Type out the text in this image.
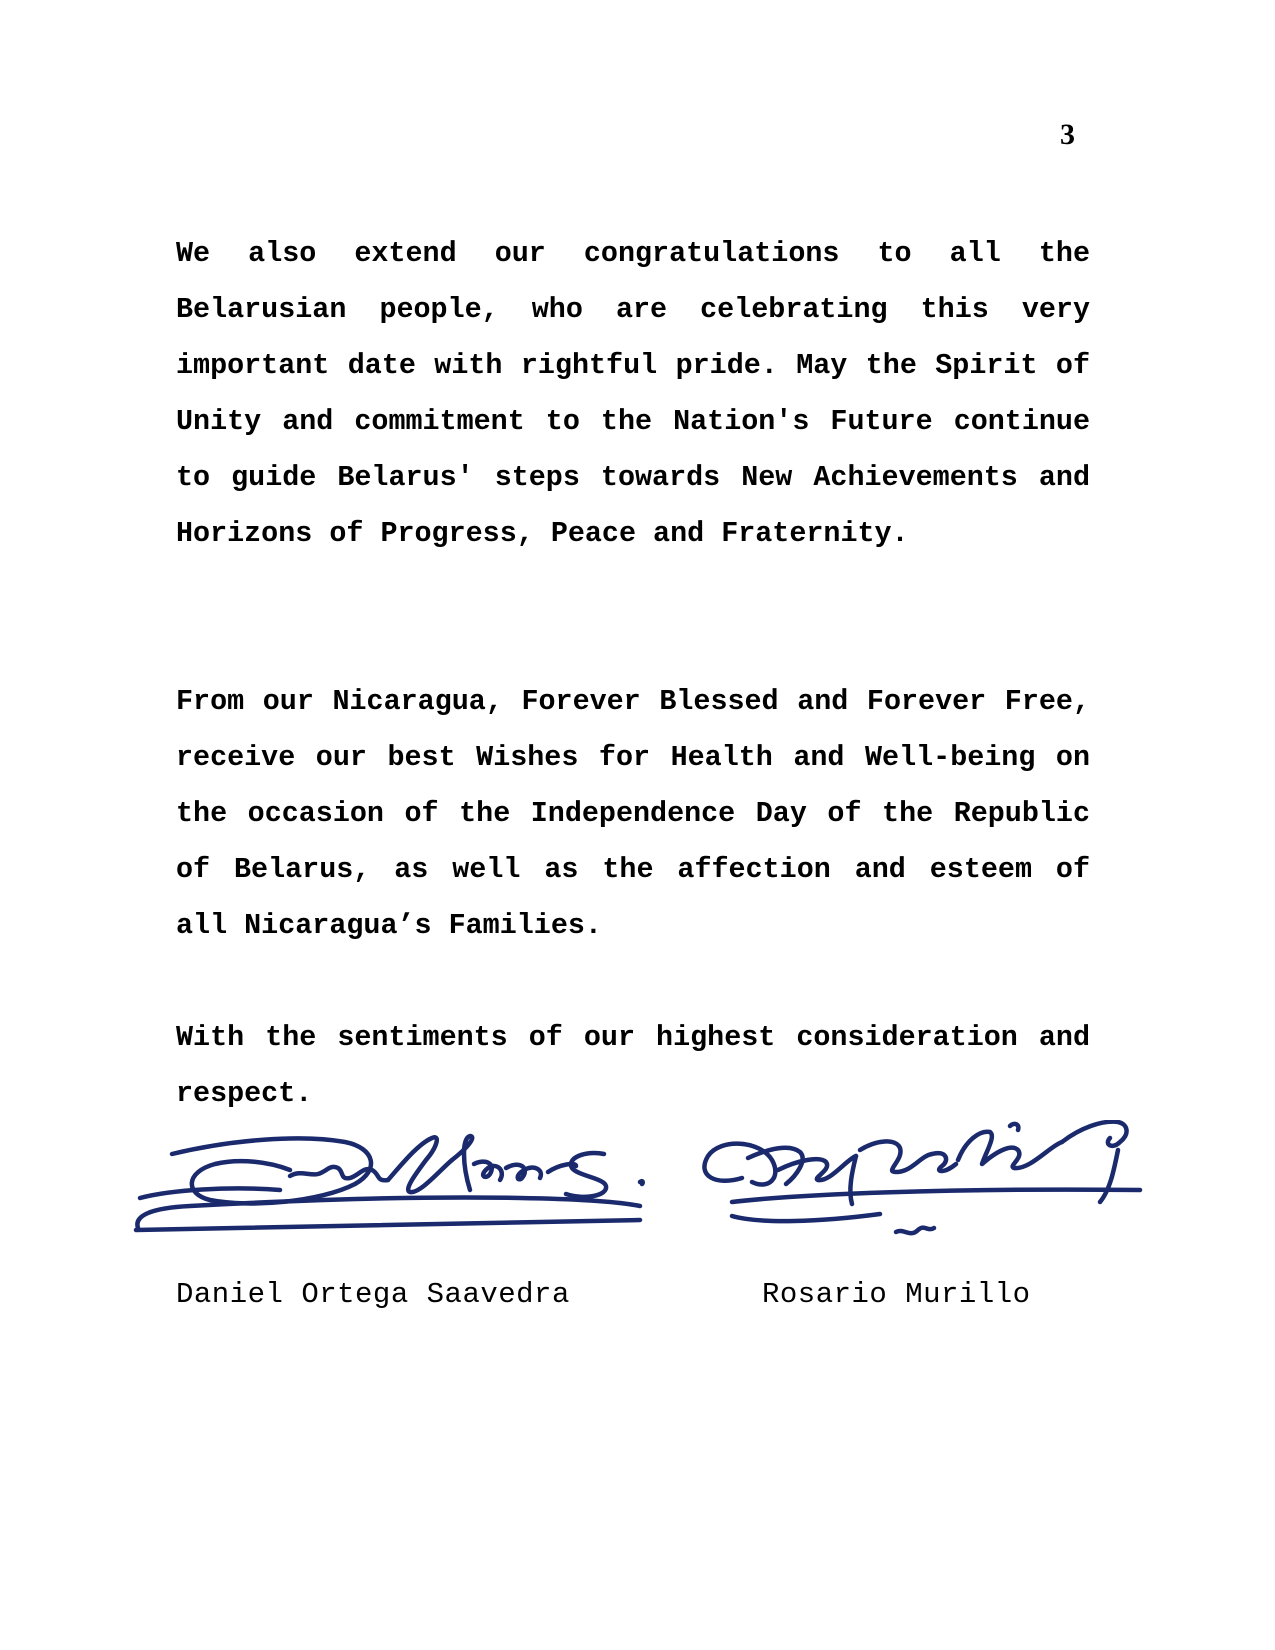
3

We also extend our congratulations to all the Belarusian people, who are celebrating this very important date with rightful pride. May the Spirit of Unity and commitment to the Nation's Future continue to guide Belarus' steps towards New Achievements and Horizons of Progress, Peace and Fraternity.

From our Nicaragua, Forever Blessed and Forever Free, receive our best Wishes for Health and Well-being on the occasion of the Independence Day of the Republic of Belarus, as well as the affection and esteem of all Nicaragua’s Families.

With the sentiments of our highest consideration and respect.

Daniel Ortega Saavedra	Rosario Murillo
